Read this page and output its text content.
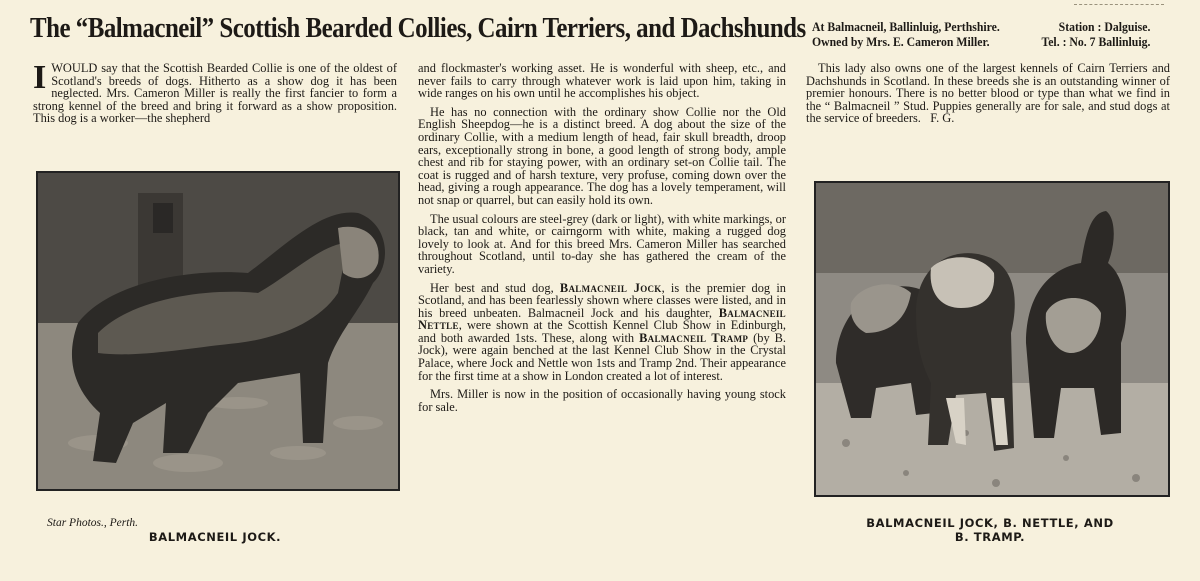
The “Balmacneil” Scottish Bearded Collies, Cairn Terriers, and Dachshunds At Balmacneil, Ballinluig, Perthshire.	Station : Dalguise.
Owned by Mrs. E. Cameron Miller.	Tel. : No. 7 Ballinluig.

IWOULD say that the Scottish Bearded Collie is one of the oldest of Scotland's breeds of dogs. Hitherto as a show dog it has been neglected. Mrs. Cameron Miller is really the first fancier to form a strong kennel of the breed and bring it forward as a show proposition. This dog is a worker—the shepherd

Star Photos., Perth.
BALMACNEIL JOCK.

and flockmaster's working asset. He is wonderful with sheep, etc., and never fails to carry through whatever work is laid upon him, taking in wide ranges on his own until he accomplishes his object.

He has no connection with the ordinary show Collie nor the Old English Sheepdog—he is a distinct breed. A dog about the size of the ordinary Collie, with a medium length of head, fair skull breadth, droop ears, exceptionally strong in bone, a good length of strong body, ample chest and rib for staying power, with an ordinary set-on Collie tail. The coat is rugged and of harsh texture, very profuse, coming down over the head, giving a rough appearance. The dog has a lovely temperament, will not snap or quarrel, but can easily hold its own.

The usual colours are steel-grey (dark or light), with white markings, or black, tan and white, or cairngorm with white, making a rugged dog lovely to look at. And for this breed Mrs. Cameron Miller has searched throughout Scotland, until to-day she has gathered the cream of the variety.

Her best and stud dog, Balmacneil Jock, is the premier dog in Scotland, and has been fearlessly shown where classes were listed, and in his breed unbeaten. Balmacneil Jock and his daughter, Balmacneil Nettle, were shown at the Scottish Kennel Club Show in Edinburgh, and both awarded 1sts. These, along with Balmacneil Tramp (by B. Jock), were again benched at the last Kennel Club Show in the Crystal Palace, where Jock and Nettle won 1sts and Tramp 2nd. Their appearance for the first time at a show in London created a lot of interest.

Mrs. Miller is now in the position of occasionally having young stock for sale.

This lady also owns one of the largest kennels of Cairn Terriers and Dachshunds in Scotland. In these breeds she is an outstanding winner of premier honours. There is no better blood or type than what we find in the “ Balmacneil ” Stud. Puppies generally are for sale, and stud dogs at the service of breeders. F. G.

BALMACNEIL JOCK, B. NETTLE, AND
B. TRAMP.
